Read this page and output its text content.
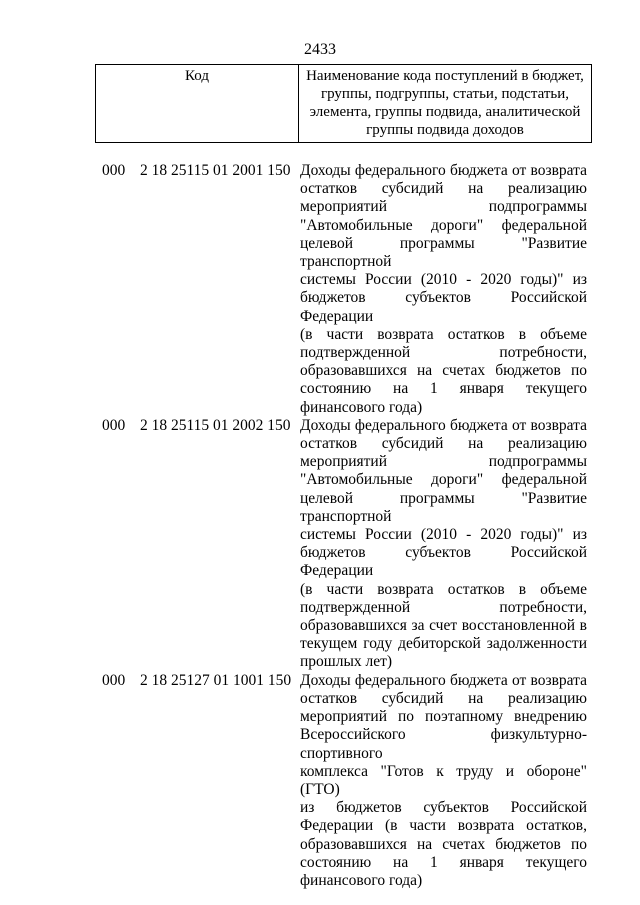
2433
Код	Наименование кода поступлений в бюджет, группы, подгруппы, статьи, подстатьи, элемента, группы подвида, аналитической группы подвида доходов
000 2 18 25115 01 2001 150 Доходы федерального бюджета от возврата
остатков субсидий на реализацию
мероприятий подпрограммы
"Автомобильные дороги" федеральной
целевой программы "Развитие транспортной
системы России (2010 - 2020 годы)" из
бюджетов субъектов Российской Федерации
(в части возврата остатков в объеме
подтвержденной потребности,
образовавшихся на счетах бюджетов по
состоянию на 1 января текущего
финансового года)
000 2 18 25115 01 2002 150 Доходы федерального бюджета от возврата
остатков субсидий на реализацию
мероприятий подпрограммы
"Автомобильные дороги" федеральной
целевой программы "Развитие транспортной
системы России (2010 - 2020 годы)" из
бюджетов субъектов Российской Федерации
(в части возврата остатков в объеме
подтвержденной потребности,
образовавшихся за счет восстановленной в
текущем году дебиторской задолженности
прошлых лет)
000 2 18 25127 01 1001 150 Доходы федерального бюджета от возврата
остатков субсидий на реализацию
мероприятий по поэтапному внедрению
Всероссийского физкультурно-спортивного
комплекса "Готов к труду и обороне" (ГТО)
из бюджетов субъектов Российской
Федерации (в части возврата остатков,
образовавшихся на счетах бюджетов по
состоянию на 1 января текущего
финансового года)
